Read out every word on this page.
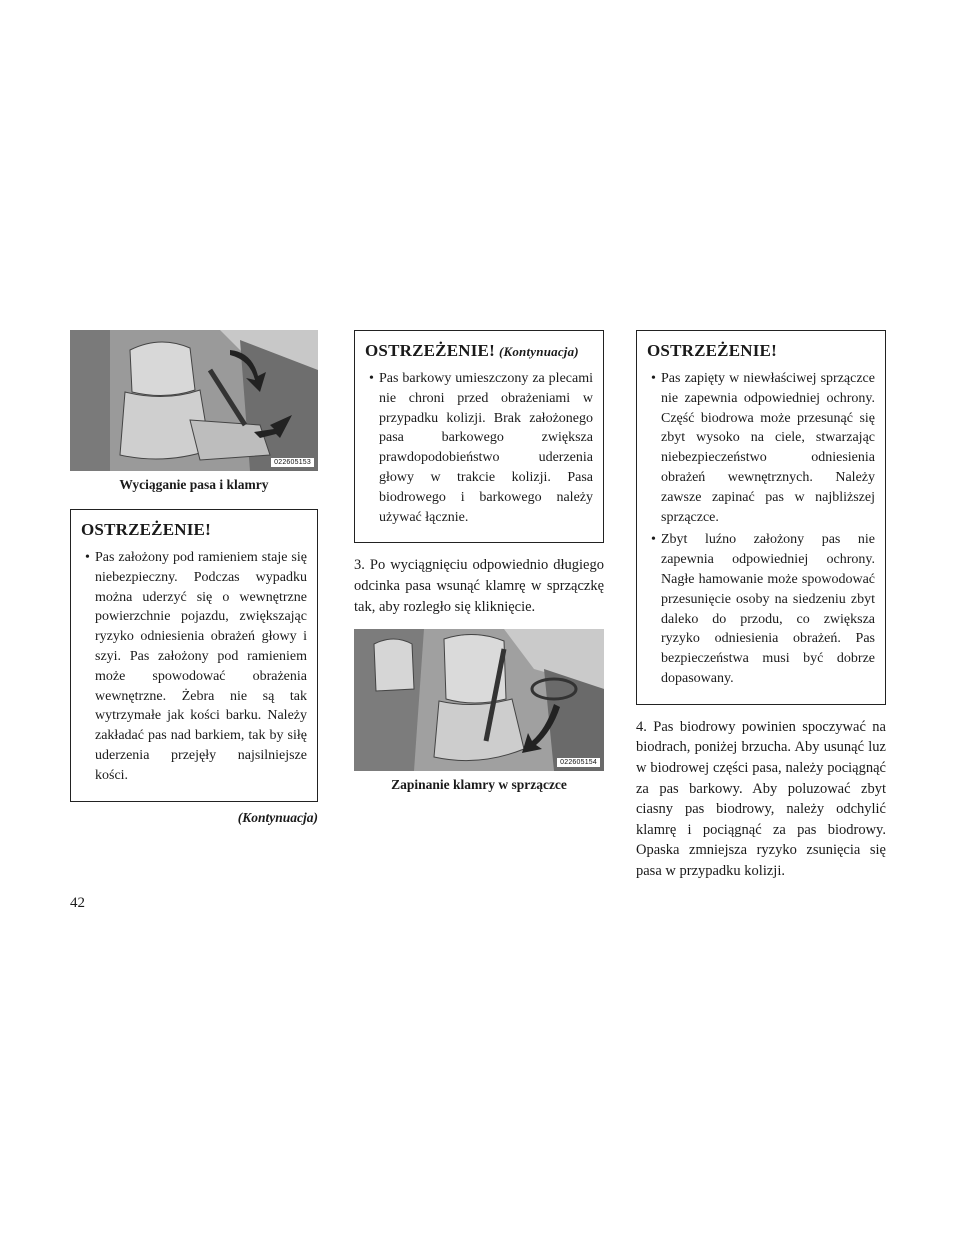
022605153
Wyciąganie pasa i klamry
OSTRZEŻENIE!

• Pas założony pod ramieniem staje się niebezpieczny. Podczas wypadku można uderzyć się o wewnętrzne powierzchnie pojazdu, zwiększając ryzyko odniesienia obrażeń głowy i szyi. Pas założony pod ramieniem może spowodować obrażenia wewnętrzne. Żebra nie są tak wytrzymałe jak kości barku. Należy zakładać pas nad barkiem, tak by siłę uderzenia przejęły najsilniejsze kości.

(Kontynuacja)
OSTRZEŻENIE! (Kontynuacja)

• Pas barkowy umieszczony za plecami nie chroni przed obrażeniami w przypadku kolizji. Brak założonego pasa barkowego zwiększa prawdopodobieństwo uderzenia głowy w trakcie kolizji. Pasa biodrowego i barkowego należy używać łącznie.

3. Po wyciągnięciu odpowiednio długiego odcinka pasa wsunąć klamrę w sprzączkę tak, aby rozległo się kliknięcie.

022605154
Zapinanie klamry w sprzączce
OSTRZEŻENIE!

• Pas zapięty w niewłaściwej sprzączce nie zapewnia odpowiedniej ochrony. Część biodrowa może przesunąć się zbyt wysoko na ciele, stwarzając niebezpieczeństwo odniesienia obrażeń wewnętrznych. Należy zawsze zapinać pas w najbliższej sprzączce.

• Zbyt luźno założony pas nie zapewnia odpowiedniej ochrony. Nagłe hamowanie może spowodować przesunięcie osoby na siedzeniu zbyt daleko do przodu, co zwiększa ryzyko odniesienia obrażeń. Pas bezpieczeństwa musi być dobrze dopasowany.

4. Pas biodrowy powinien spoczywać na biodrach, poniżej brzucha. Aby usunąć luz w biodrowej części pasa, należy pociągnąć za pas barkowy. Aby poluzować zbyt ciasny pas biodrowy, należy odchylić klamrę i pociągnąć za pas biodrowy. Opaska zmniejsza ryzyko zsunięcia się pasa w przypadku kolizji.

42
